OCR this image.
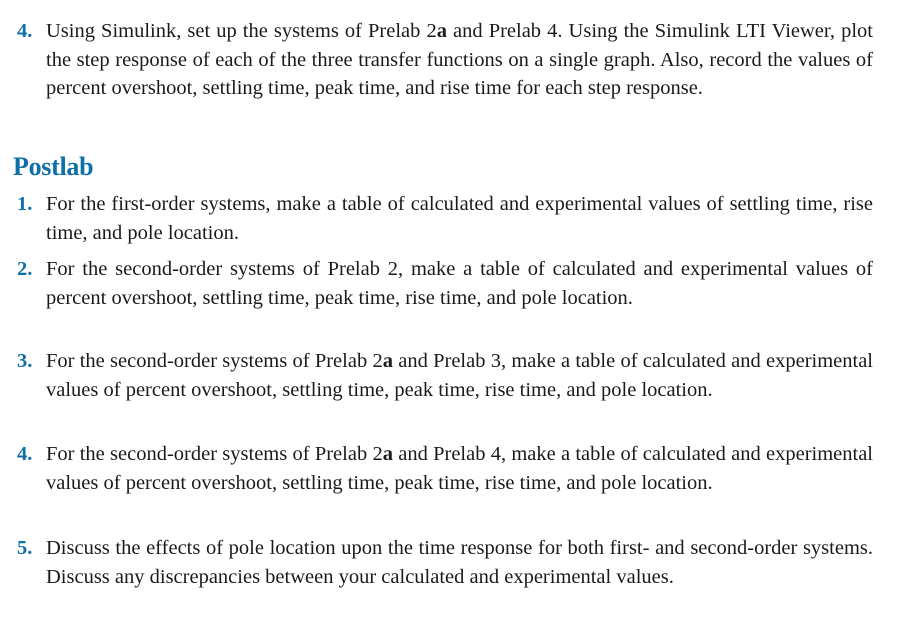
4. Using Simulink, set up the systems of Prelab 2a and Prelab 4. Using the Simulink LTI Viewer, plot the step response of each of the three transfer functions on a single graph. Also, record the values of percent overshoot, settling time, peak time, and rise time for each step response.
Postlab
1. For the first-order systems, make a table of calculated and experimental values of settling time, rise time, and pole location.
2. For the second-order systems of Prelab 2, make a table of calculated and experimental values of percent overshoot, settling time, peak time, rise time, and pole location.
3. For the second-order systems of Prelab 2a and Prelab 3, make a table of calculated and experimental values of percent overshoot, settling time, peak time, rise time, and pole location.
4. For the second-order systems of Prelab 2a and Prelab 4, make a table of calculated and experimental values of percent overshoot, settling time, peak time, rise time, and pole location.
5. Discuss the effects of pole location upon the time response for both first- and second-order systems. Discuss any discrepancies between your calculated and experimental values.
